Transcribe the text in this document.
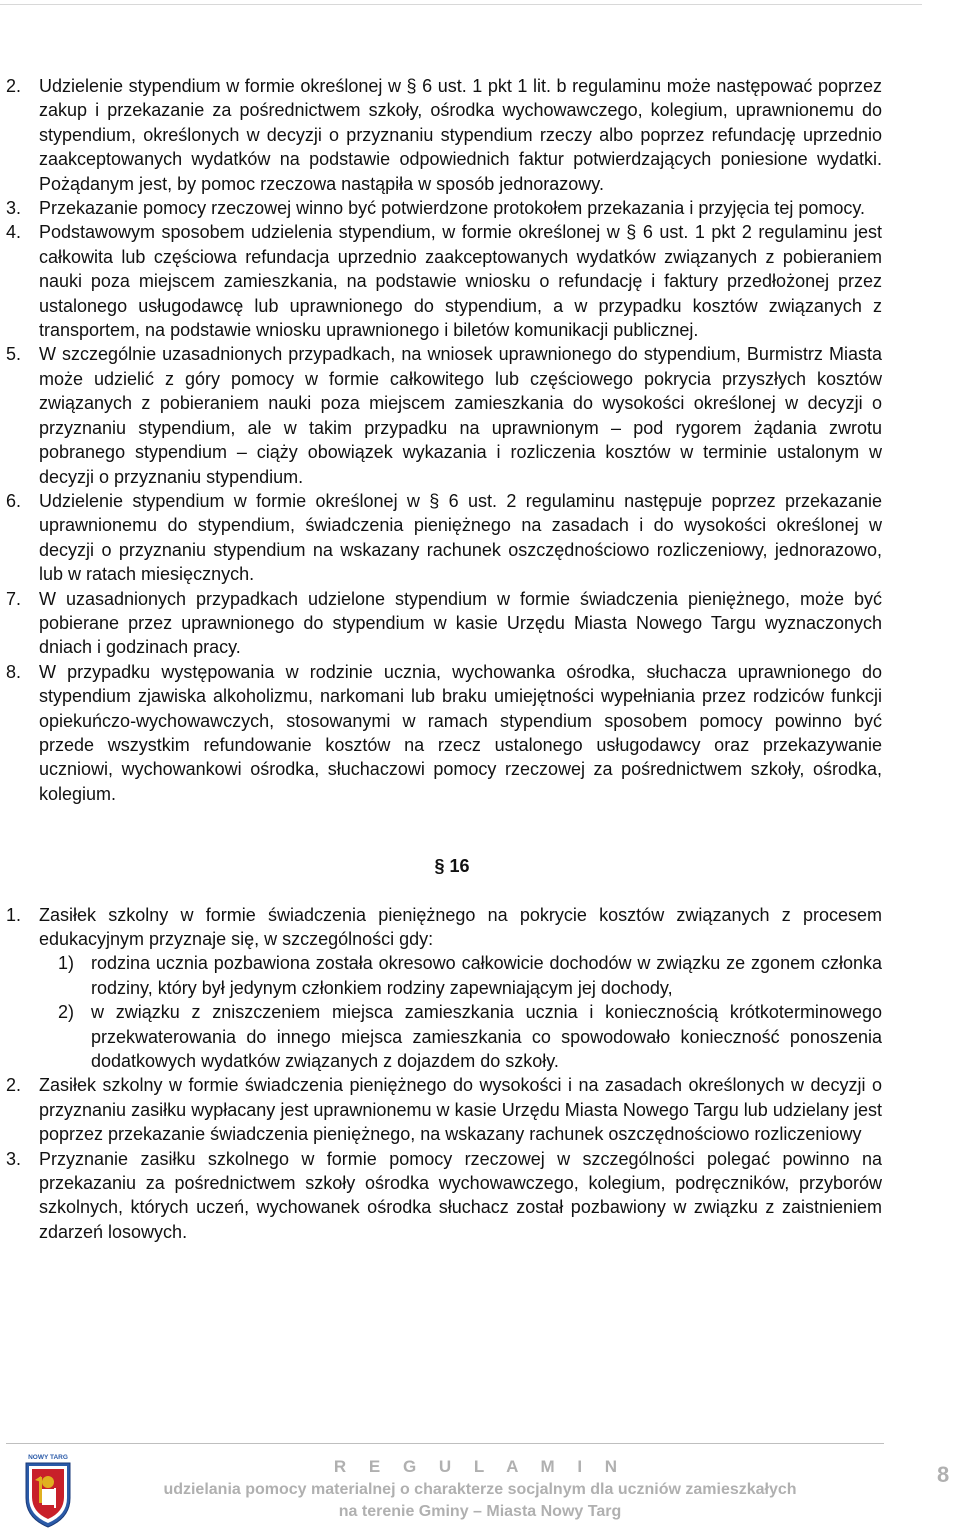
2. Udzielenie stypendium w formie określonej w § 6 ust. 1 pkt 1 lit. b regulaminu może następować poprzez zakup i przekazanie za pośrednictwem szkoły, ośrodka wychowawczego, kolegium, uprawnionemu do stypendium, określonych w decyzji o przyznaniu stypendium rzeczy albo poprzez refundację uprzednio zaakceptowanych wydatków na podstawie odpowiednich faktur potwierdzających poniesione wydatki. Pożądanym jest, by pomoc rzeczowa nastąpiła w sposób jednorazowy.
3. Przekazanie pomocy rzeczowej winno być potwierdzone protokołem przekazania i przyjęcia tej pomocy.
4. Podstawowym sposobem udzielenia stypendium, w formie określonej w § 6 ust. 1 pkt 2 regulaminu jest całkowita lub częściowa refundacja uprzednio zaakceptowanych wydatków związanych z pobieraniem nauki poza miejscem zamieszkania, na podstawie wniosku o refundację i faktury przedłożonej przez ustalonego usługodawcę lub uprawnionego do stypendium, a w przypadku kosztów związanych z transportem, na podstawie wniosku uprawnionego i biletów komunikacji publicznej.
5. W szczególnie uzasadnionych przypadkach, na wniosek uprawnionego do stypendium, Burmistrz Miasta może udzielić z góry pomocy w formie całkowitego lub częściowego pokrycia przyszłych kosztów związanych z pobieraniem nauki poza miejscem zamieszkania do wysokości określonej w decyzji o przyznaniu stypendium, ale w takim przypadku na uprawnionym – pod rygorem żądania zwrotu pobranego stypendium – ciąży obowiązek wykazania i rozliczenia kosztów w terminie ustalonym w decyzji o przyznaniu stypendium.
6. Udzielenie stypendium w formie określonej w § 6 ust. 2 regulaminu następuje poprzez przekazanie uprawnionemu do stypendium, świadczenia pieniężnego na zasadach i do wysokości określonej w decyzji o przyznaniu stypendium na wskazany rachunek oszczędnościowo rozliczeniowy, jednorazowo, lub w ratach miesięcznych.
7. W uzasadnionych przypadkach udzielone stypendium w formie świadczenia pieniężnego, może być pobierane przez uprawnionego do stypendium w kasie Urzędu Miasta Nowego Targu wyznaczonych dniach i godzinach pracy.
8. W przypadku występowania w rodzinie ucznia, wychowanka ośrodka, słuchacza uprawnionego do stypendium zjawiska alkoholizmu, narkomani lub braku umiejętności wypełniania przez rodziców funkcji opiekuńczo-wychowawczych, stosowanymi w ramach stypendium sposobem pomocy powinno być przede wszystkim refundowanie kosztów na rzecz ustalonego usługodawcy oraz przekazywanie uczniowi, wychowankowi ośrodka, słuchaczowi pomocy rzeczowej za pośrednictwem szkoły, ośrodka, kolegium.
§ 16
1. Zasiłek szkolny w formie świadczenia pieniężnego na pokrycie kosztów związanych z procesem edukacyjnym przyznaje się, w szczególności gdy:
1) rodzina ucznia pozbawiona została okresowo całkowicie dochodów w związku ze zgonem członka rodziny, który był jedynym członkiem rodziny zapewniającym jej dochody,
2) w związku z zniszczeniem miejsca zamieszkania ucznia i koniecznością krótkoterminowego przekwaterowania do innego miejsca zamieszkania co spowodowało konieczność ponoszenia dodatkowych wydatków związanych z dojazdem do szkoły.
2. Zasiłek szkolny w formie świadczenia pieniężnego do wysokości i na zasadach określonych w decyzji o przyznaniu zasiłku wypłacany jest uprawnionemu w kasie Urzędu Miasta Nowego Targu lub udzielany jest poprzez przekazanie świadczenia pieniężnego, na wskazany rachunek oszczędnościowo rozliczeniowy
3. Przyznanie zasiłku szkolnego w formie pomocy rzeczowej w szczególności polegać powinno na przekazaniu za pośrednictwem szkoły ośrodka wychowawczego, kolegium, podręczników, przyborów szkolnych, których uczeń, wychowanek ośrodka słuchacz został pozbawiony w związku z zaistnieniem zdarzeń losowych.
NOWY TARG	R E G U L A M I N
udzielania pomocy materialnej o charakterze socjalnym dla uczniów zamieszkałych
na terenie Gminy – Miasta Nowy Targ
8
